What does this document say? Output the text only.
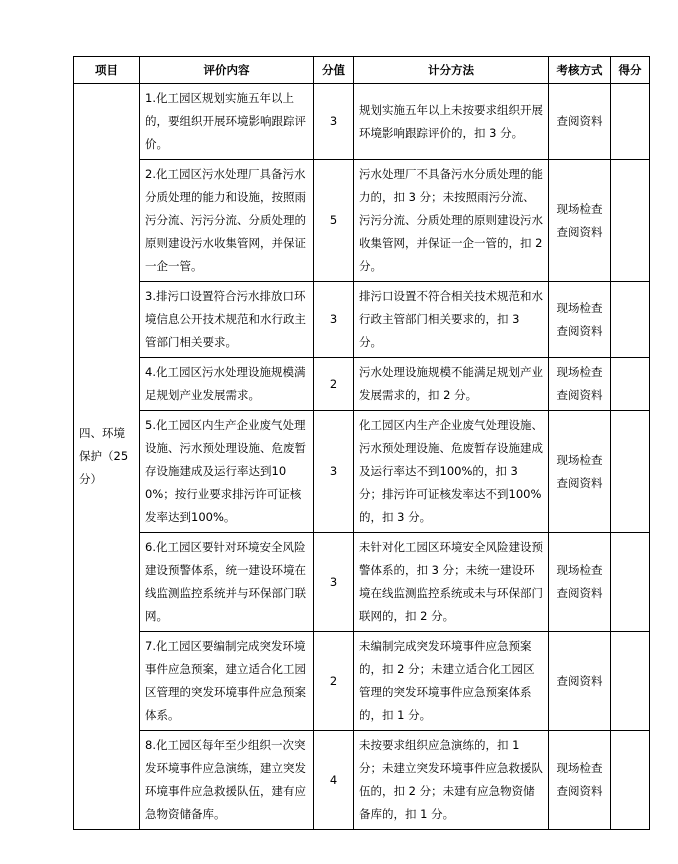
项目	评价内容	分值	计分方法	考核方式	得分
四、环境保护（25分）	1.化工园区规划实施五年以上的，要组织开展环境影响跟踪评价。	3	规划实施五年以上未按要求组织开展环境影响跟踪评价的，扣 3 分。	查阅资料	

	2.化工园区污水处理厂具备污水分质处理的能力和设施，按照雨污分流、污污分流、分质处理的原则建设污水收集管网，并保证一企一管。	5	污水处理厂不具备污水分质处理的能力的，扣 3 分；未按照雨污分流、污污分流、分质处理的原则建设污水收集管网，并保证一企一管的，扣 2 分。	现场检查
查阅资料	

	3.排污口设置符合污水排放口环境信息公开技术规范和水行政主管部门相关要求。	3	排污口设置不符合相关技术规范和水行政主管部门相关要求的，扣 3 分。	现场检查
查阅资料	

	4.化工园区污水处理设施规模满足规划产业发展需求。	2	污水处理设施规模不能满足规划产业发展需求的，扣 2 分。	现场检查
查阅资料	

	5.化工园区内生产企业废气处理设施、污水预处理设施、危废暂存设施建成及运行率达到100%；按行业要求排污许可证核发率达到100%。	3	化工园区内生产企业废气处理设施、污水预处理设施、危废暂存设施建成及运行率达不到100%的，扣 3 分；排污许可证核发率达不到100%的，扣 3 分。	现场检查
查阅资料	

	6.化工园区要针对环境安全风险建设预警体系，统一建设环境在线监测监控系统并与环保部门联网。	3	未针对化工园区环境安全风险建设预警体系的，扣 3 分；未统一建设环境在线监测监控系统或未与环保部门联网的，扣 2 分。	现场检查
查阅资料	

	7.化工园区要编制完成突发环境事件应急预案，建立适合化工园区管理的突发环境事件应急预案体系。	2	未编制完成突发环境事件应急预案的，扣 2 分；未建立适合化工园区管理的突发环境事件应急预案体系的，扣 1 分。	查阅资料	

	8.化工园区每年至少组织一次突发环境事件应急演练，建立突发环境事件应急救援队伍，建有应急物资储备库。	4	未按要求组织应急演练的，扣 1 分；未建立突发环境事件应急救援队伍的，扣 2 分；未建有应急物资储备库的，扣 1 分。	现场检查
查阅资料	
